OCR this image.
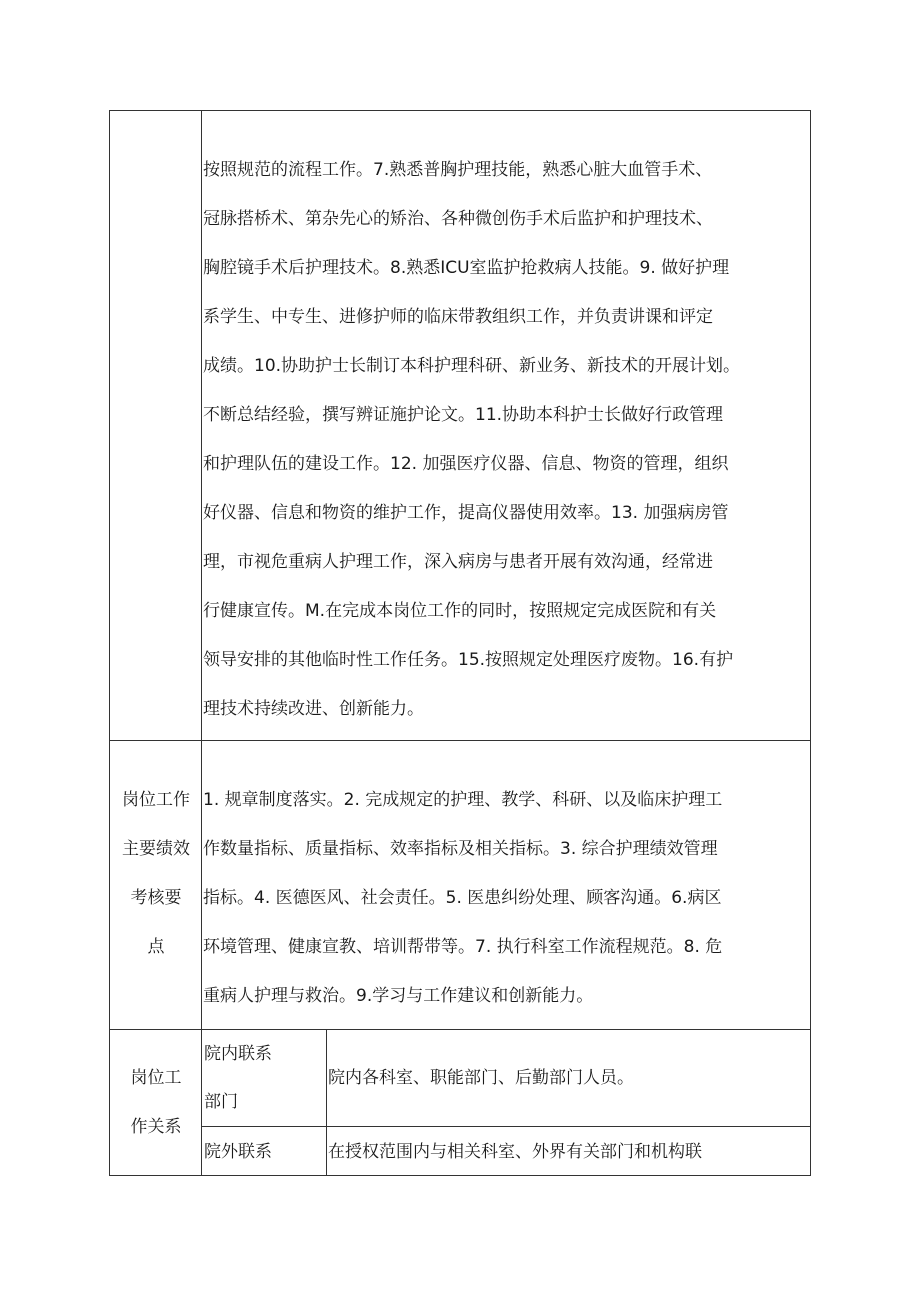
按照规范的流程工作。7.熟悉普胸护理技能，熟悉心脏大血管手术、
冠脉搭桥术、第杂先心的矫治、各种微创伤手术后监护和护理技术、
胸腔镜手术后护理技术。8.熟悉ICU室监护抢救病人技能。9. 做好护理
系学生、中专生、进修护师的临床带教组织工作，并负责讲课和评定
成绩。10.协助护士长制订本科护理科研、新业务、新技术的开展计划。
不断总结经验，撰写辨证施护论文。11.协助本科护士长做好行政管理
和护理队伍的建设工作。12. 加强医疗仪器、信息、物资的管理，组织
好仪器、信息和物资的维护工作，提高仪器使用效率。13. 加强病房管
理，市视危重病人护理工作，深入病房与患者开展有效沟通，经常进
行健康宣传。M.在完成本岗位工作的同时，按照规定完成医院和有关
领导安排的其他临时性工作任务。15.按照规定处理医疗废物。16.有护
理技术持续改进、创新能力。
岗位工作
主要绩效
考核要
点
1. 规章制度落实。2. 完成规定的护理、教学、科研、以及临床护理工
作数量指标、质量指标、效率指标及相关指标。3. 综合护理绩效管理
指标。4. 医德医风、社会责任。5. 医患纠纷处理、顾客沟通。6.病区
环境管理、健康宣教、培训帮带等。7. 执行科室工作流程规范。8. 危
重病人护理与救治。9.学习与工作建议和创新能力。
岗位工
作关系
院内联系
部门
院内各科室、职能部门、后勤部门人员。
院外联系	在授权范围内与相关科室、外界有关部门和机构联
